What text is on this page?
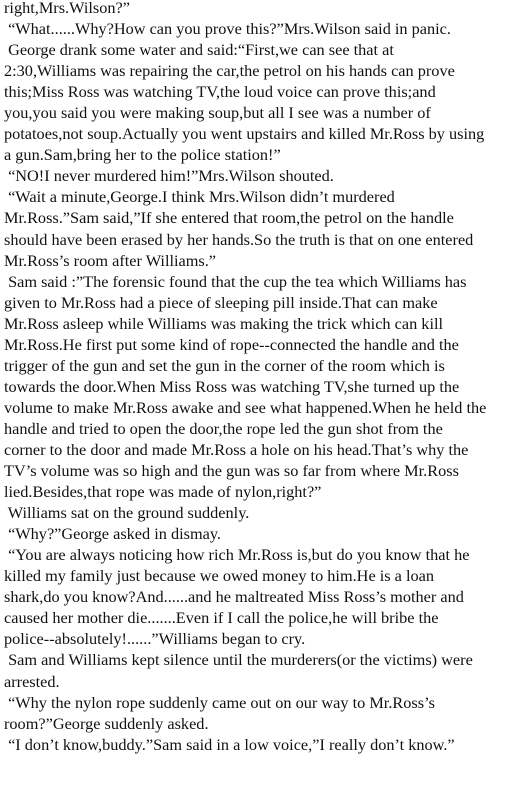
right,Mrs.Wilson?”
“What......Why?How can you prove this?”Mrs.Wilson said in panic.
George drank some water and said:“First,we can see that at
2:30,Williams was repairing the car,the petrol on his hands can prove
this;Miss Ross was watching TV,the loud voice can prove this;and
you,you said you were making soup,but all I see was a number of
potatoes,not soup.Actually you went upstairs and killed Mr.Ross by using
a gun.Sam,bring her to the police station!”
“NO!I never murdered him!”Mrs.Wilson shouted.
“Wait a minute,George.I think Mrs.Wilson didn’t murdered
Mr.Ross.”Sam said,”If she entered that room,the petrol on the handle
should have been erased by her hands.So the truth is that on one entered
Mr.Ross’s room after Williams.”
Sam said :”The forensic found that the cup the tea which Williams has
given to Mr.Ross had a piece of sleeping pill inside.That can make
Mr.Ross asleep while Williams was making the trick which can kill
Mr.Ross.He first put some kind of rope--connected the handle and the
trigger of the gun and set the gun in the corner of the room which is
towards the door.When Miss Ross was watching TV,she turned up the
volume to make Mr.Ross awake and see what happened.When he held the
handle and tried to open the door,the rope led the gun shot from the
corner to the door and made Mr.Ross a hole on his head.That’s why the
TV’s volume was so high and the gun was so far from where Mr.Ross
lied.Besides,that rope was made of nylon,right?”
Williams sat on the ground suddenly.
“Why?”George asked in dismay.
“You are always noticing how rich Mr.Ross is,but do you know that he
killed my family just because we owed money to him.He is a loan
shark,do you know?And......and he maltreated Miss Ross’s mother and
caused her mother die.......Even if I call the police,he will bribe the
police--absolutely!......”Williams began to cry.
Sam and Williams kept silence until the murderers(or the victims) were
arrested.
“Why the nylon rope suddenly came out on our way to Mr.Ross’s
room?”George suddenly asked.
“I don’t know,buddy.”Sam said in a low voice,”I really don’t know.”
